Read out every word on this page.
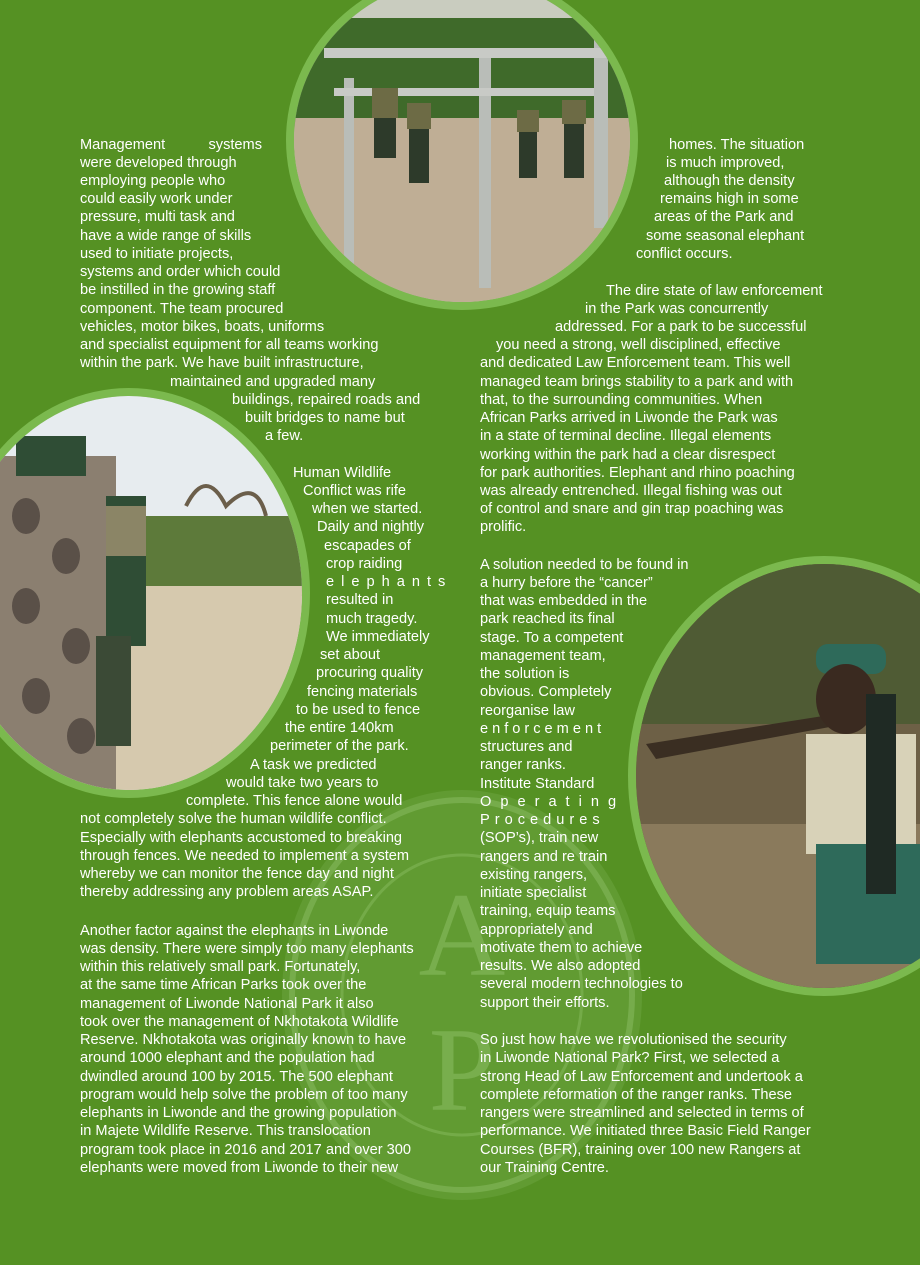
A
P
Management systems
were developed through
employing people who
could easily work under
pressure, multi task and
have a wide range of skills
used to initiate projects,
systems and order which could
be instilled in the growing staff
component. The team procured
vehicles, motor bikes, boats, uniforms
and specialist equipment for all teams working
within the park. We have built infrastructure,
maintained and upgraded many
buildings, repaired roads and
built bridges to name but
a few.
Human Wildlife
Conflict was rife
when we started.
Daily and nightly
escapades of
crop raiding
elephants
resulted in
much tragedy.
We immediately
set about
procuring quality
fencing materials
to be used to fence
the entire 140km
perimeter of the park.
A task we predicted
would take two years to
complete. This fence alone would
not completely solve the human wildlife conflict.
Especially with elephants accustomed to breaking
through fences. We needed to implement a system
whereby we can monitor the fence day and night
thereby addressing any problem areas ASAP.
Another factor against the elephants in Liwonde
was density. There were simply too many elephants
within this relatively small park. Fortunately,
at the same time African Parks took over the
management of Liwonde National Park it also
took over the management of Nkhotakota Wildlife
Reserve. Nkhotakota was originally known to have
around 1000 elephant and the population had
dwindled around 100 by 2015. The 500 elephant
program would help solve the problem of too many
elephants in Liwonde and the growing population
in Majete Wildlife Reserve. This translocation
program took place in 2016 and 2017 and over 300
elephants were moved from Liwonde to their new
homes. The situation
is much improved,
although the density
remains high in some
areas of the Park and
some seasonal elephant
conflict occurs.
The dire state of law enforcement
in the Park was concurrently
addressed. For a park to be successful
you need a strong, well disciplined, effective
and dedicated Law Enforcement team. This well
managed team brings stability to a park and with
that, to the surrounding communities. When
African Parks arrived in Liwonde the Park was
in a state of terminal decline. Illegal elements
working within the park had a clear disrespect
for park authorities. Elephant and rhino poaching
was already entrenched. Illegal fishing was out
of control and snare and gin trap poaching was
prolific.
A solution needed to be found in
a hurry before the “cancer”
that was embedded in the
park reached its final
stage. To a competent
management team,
the solution is
obvious. Completely
reorganise law
enforcement
structures and
ranger ranks.
Institute Standard
Operating
Procedures
(SOP’s), train new
rangers and re train
existing rangers,
initiate specialist
training, equip teams
appropriately and
motivate them to achieve
results. We also adopted
several modern technologies to
support their efforts.
So just how have we revolutionised the security
in Liwonde National Park? First, we selected a
strong Head of Law Enforcement and undertook a
complete reformation of the ranger ranks. These
rangers were streamlined and selected in terms of
performance. We initiated three Basic Field Ranger
Courses (BFR), training over 100 new Rangers at
our Training Centre.
